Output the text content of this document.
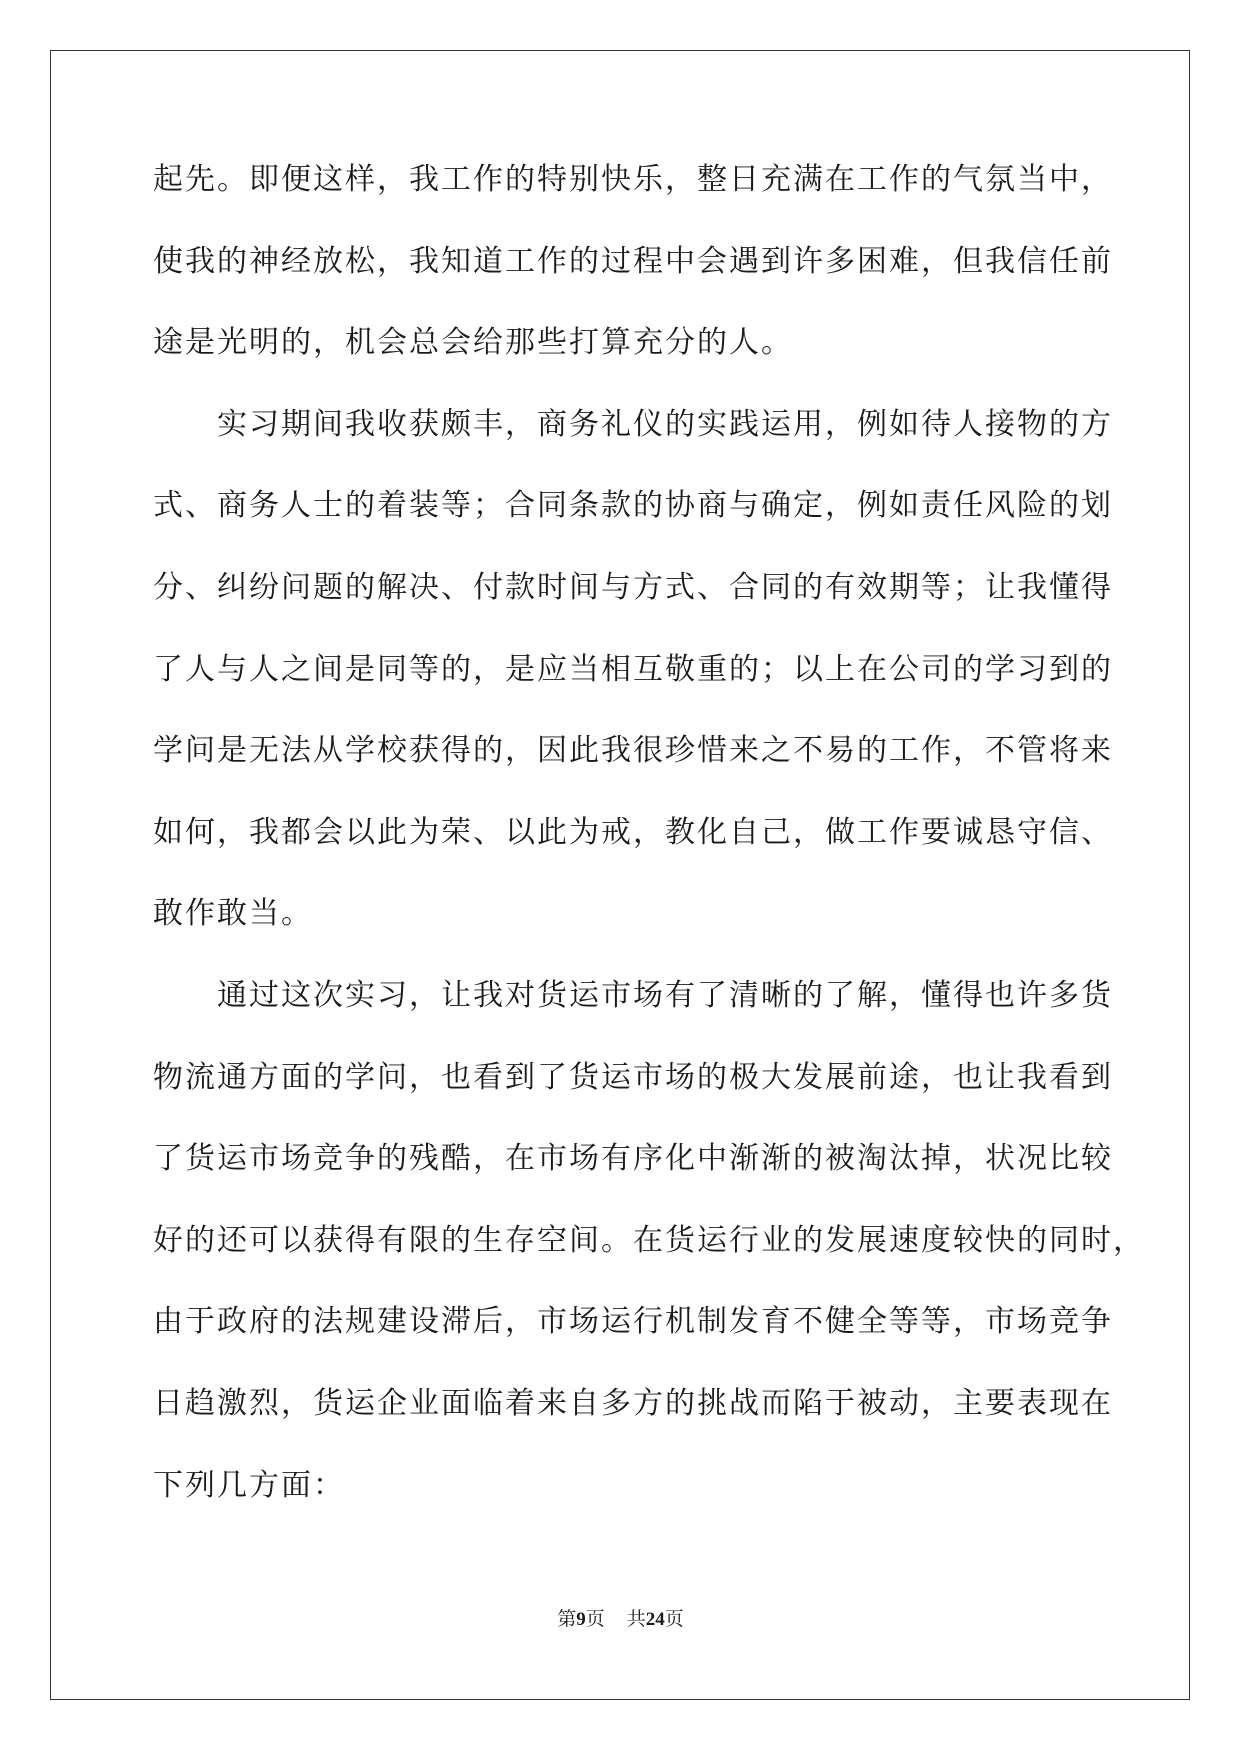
起先。即便这样，我工作的特别快乐，整日充满在工作的气氛当中，
使我的神经放松，我知道工作的过程中会遇到许多困难，但我信任前
途是光明的，机会总会给那些打算充分的人。
实习期间我收获颇丰，商务礼仪的实践运用，例如待人接物的方
式、商务人士的着装等；合同条款的协商与确定，例如责任风险的划
分、纠纷问题的解决、付款时间与方式、合同的有效期等；让我懂得
了人与人之间是同等的，是应当相互敬重的；以上在公司的学习到的
学问是无法从学校获得的，因此我很珍惜来之不易的工作，不管将来
如何，我都会以此为荣、以此为戒，教化自己，做工作要诚恳守信、
敢作敢当。
通过这次实习，让我对货运市场有了清晰的了解，懂得也许多货
物流通方面的学问，也看到了货运市场的极大发展前途，也让我看到
了货运市场竞争的残酷，在市场有序化中渐渐的被淘汰掉，状况比较
好的还可以获得有限的生存空间。在货运行业的发展速度较快的同时，
由于政府的法规建设滞后，市场运行机制发育不健全等等，市场竞争
日趋激烈，货运企业面临着来自多方的挑战而陷于被动，主要表现在
下列几方面：
第9页 共24页
